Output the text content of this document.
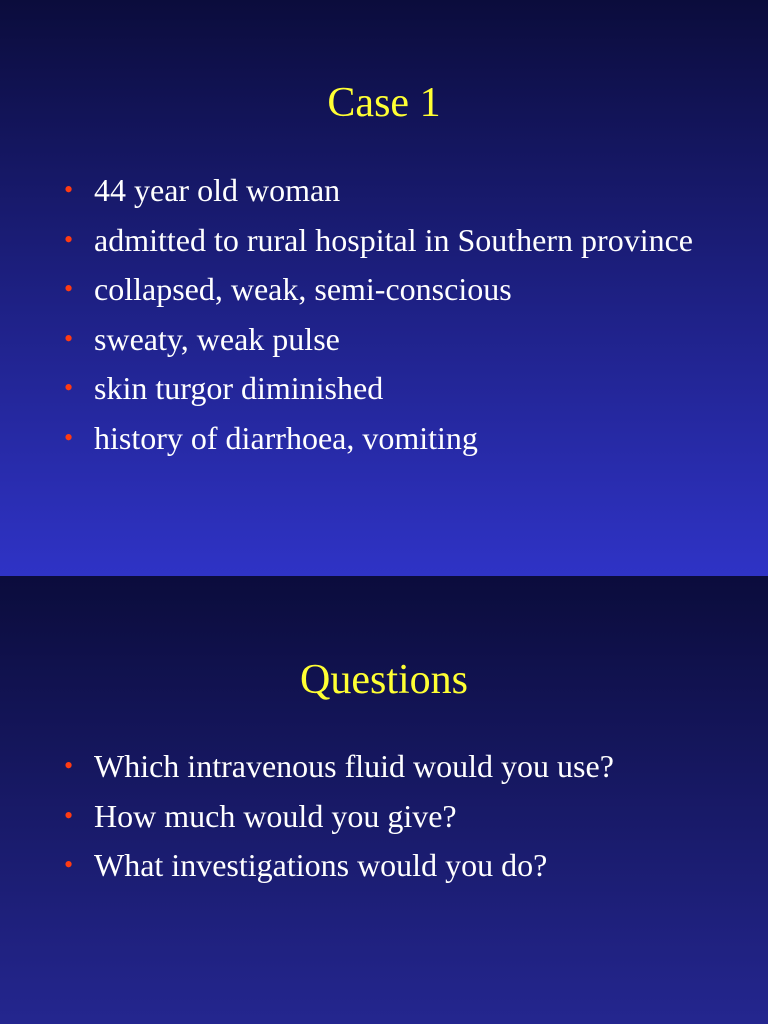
Case 1
• 44 year old woman
• admitted to rural hospital in Southern province
• collapsed, weak, semi-conscious
• sweaty, weak pulse
• skin turgor diminished
• history of diarrhoea, vomiting
Questions
• Which intravenous fluid would you use?
• How much would you give?
• What investigations would you do?
